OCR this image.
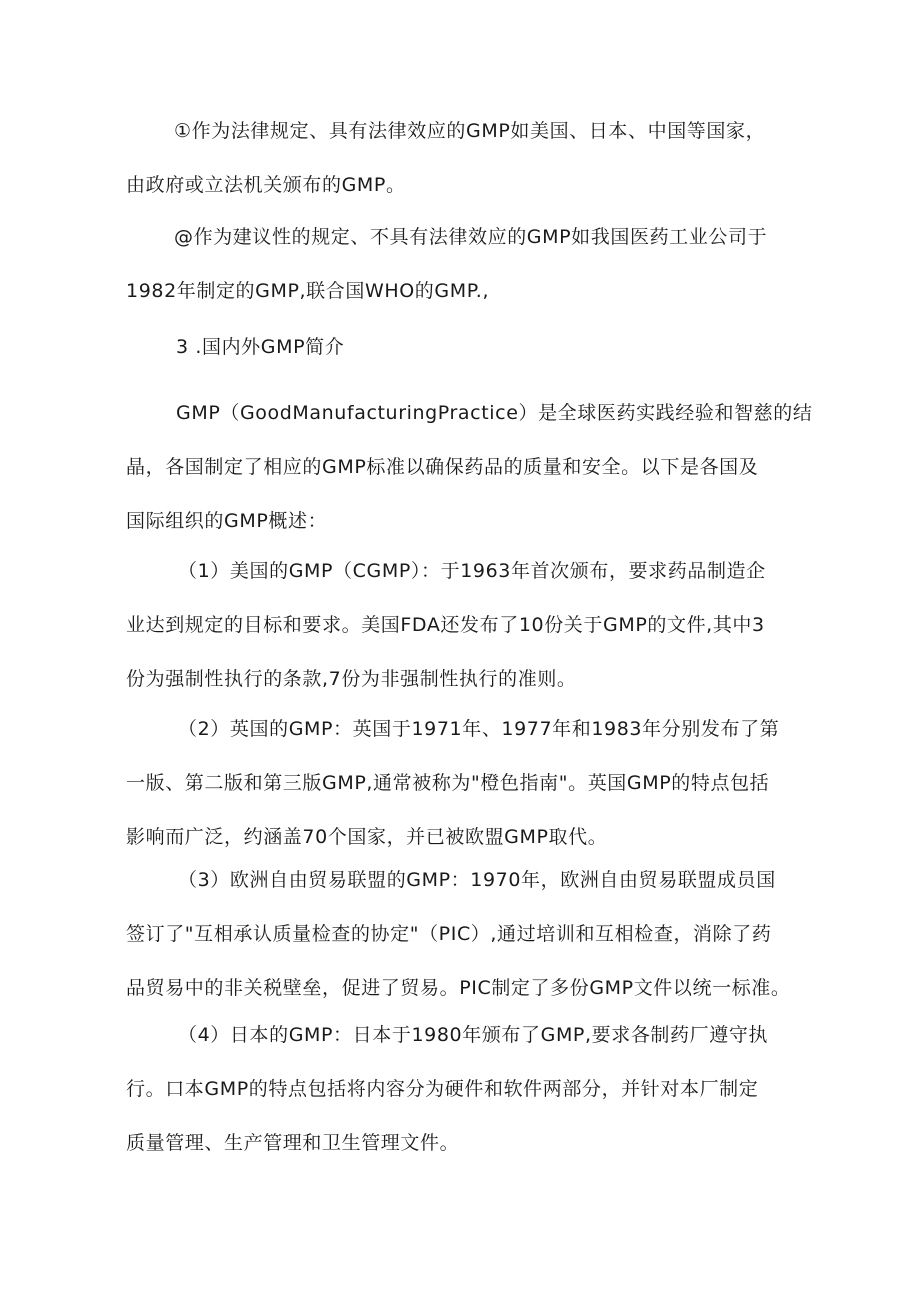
①作为法律规定、具有法律效应的GMP如美国、日本、中国等国家，
由政府或立法机关颁布的GMP。

@作为建议性的规定、不具有法律效应的GMP如我国医药工业公司于
1982年制定的GMP,联合国WHO的GMP.,

3 .国内外GMP简介

GMP（GoodManufacturingPractice）是全球医药实践经验和智慈的结
晶，各国制定了相应的GMP标准以确保药品的质量和安全。以下是各国及
国际组织的GMP概述：

（1）美国的GMP（CGMP）：于1963年首次颁布，要求药品制造企
业达到规定的目标和要求。美国FDA还发布了10份关于GMP的文件,其中3
份为强制性执行的条款,7份为非强制性执行的准则。

（2）英国的GMP：英国于1971年、1977年和1983年分别发布了第
一版、第二版和第三版GMP,通常被称为"橙色指南"。英国GMP的特点包括
影响而广泛，约涵盖70个国家，并已被欧盟GMP取代。

（3）欧洲自由贸易联盟的GMP：1970年，欧洲自由贸易联盟成员国
签订了"互相承认质量检查的协定"（PIC）,通过培训和互相检查，消除了药
品贸易中的非关税壁垒，促进了贸易。PIC制定了多份GMP文件以统一标准。

（4）日本的GMP：日本于1980年颁布了GMP,要求各制药厂遵守执
行。口本GMP的特点包括将内容分为硬件和软件两部分，并针对本厂制定
质量管理、生产管理和卫生管理文件。
